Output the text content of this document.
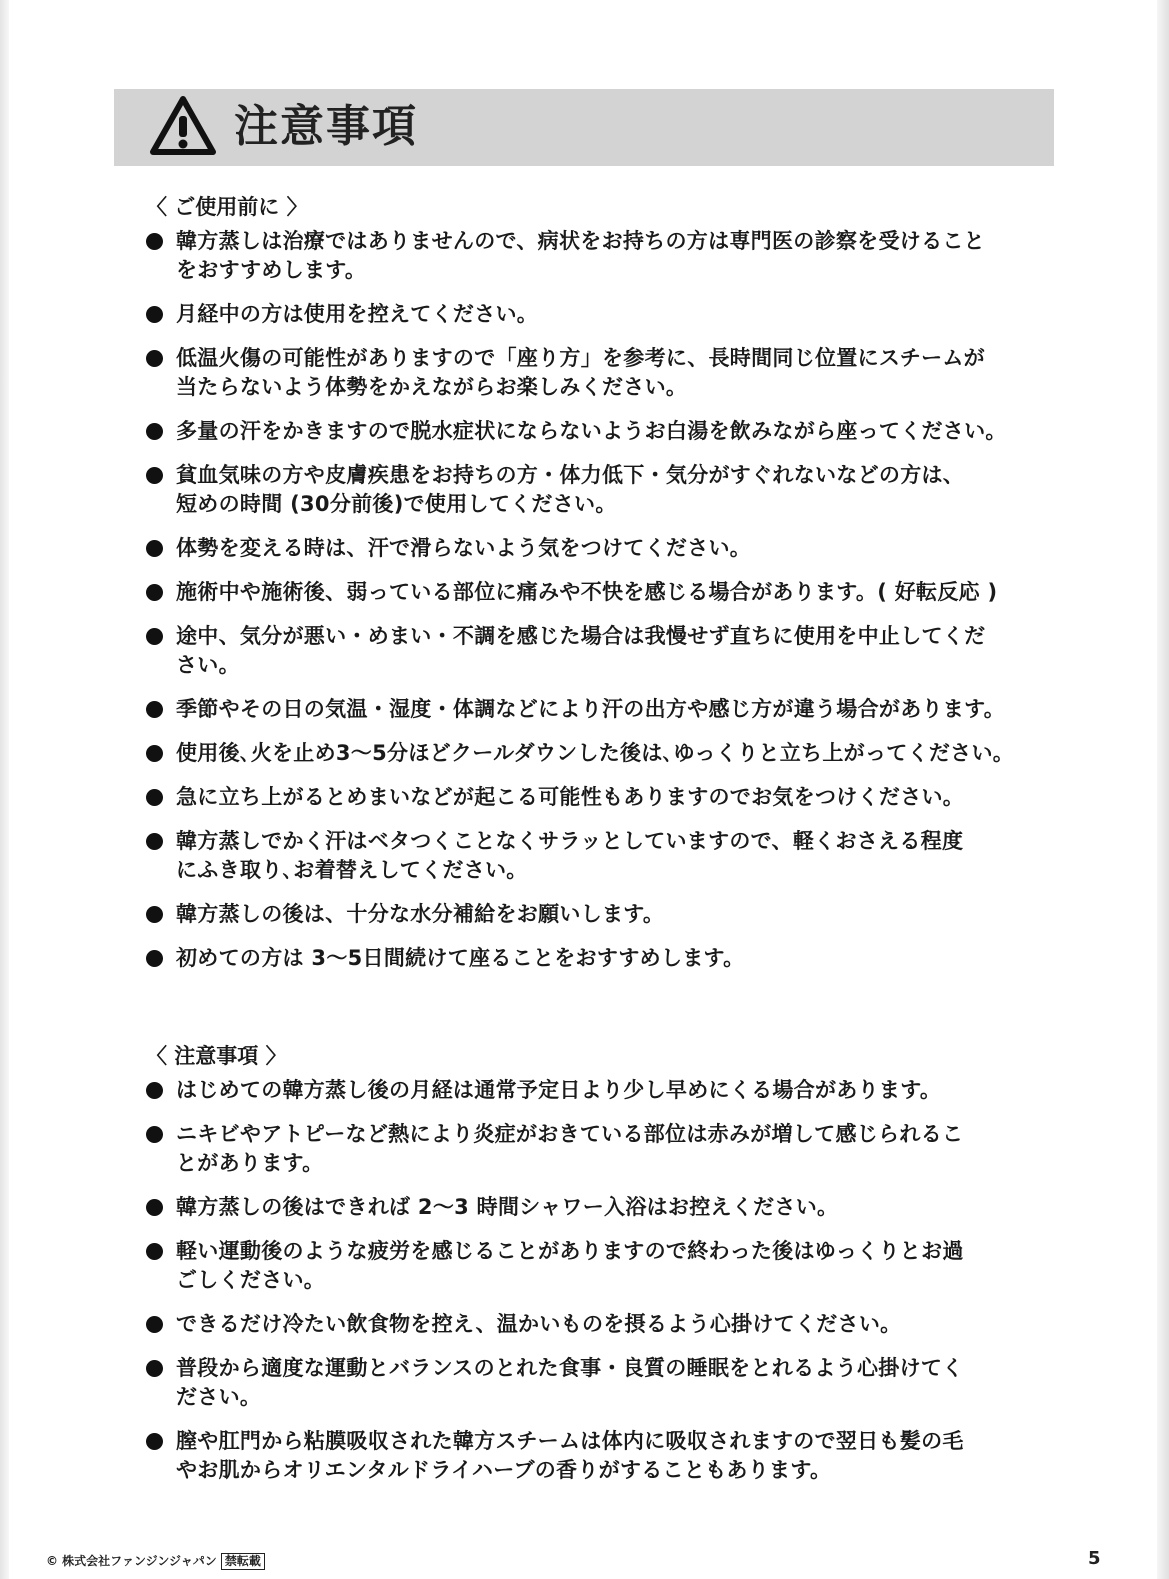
注意事項
〈 ご使用前に 〉
韓方蒸しは治療ではありませんので、病状をお持ちの方は専門医の診察を受けること
をおすすめします。
月経中の方は使用を控えてください。
低温火傷の可能性がありますので「座り方」を参考に、長時間同じ位置にスチームが
当たらないよう体勢をかえながらお楽しみください。
多量の汗をかきますので脱水症状にならないようお白湯を飲みながら座ってください。
貧血気味の方や皮膚疾患をお持ちの方・体力低下・気分がすぐれないなどの方は、
短めの時間 (30分前後)で使用してください。
体勢を変える時は、汗で滑らないよう気をつけてください。
施術中や施術後、弱っている部位に痛みや不快を感じる場合があります。( 好転反応 )
途中、気分が悪い・めまい・不調を感じた場合は我慢せず直ちに使用を中止してくだ
さい。
季節やその日の気温・湿度・体調などにより汗の出方や感じ方が違う場合があります。
使用後､火を止め3～5分ほどクールダウンした後は､ゆっくりと立ち上がってください。
急に立ち上がるとめまいなどが起こる可能性もありますのでお気をつけください。
韓方蒸しでかく汗はベタつくことなくサラッとしていますので、軽くおさえる程度
にふき取り､お着替えしてください。
韓方蒸しの後は、十分な水分補給をお願いします。
初めての方は 3～5日間続けて座ることをおすすめします。
〈 注意事項 〉
はじめての韓方蒸し後の月経は通常予定日より少し早めにくる場合があります。
ニキビやアトピーなど熱により炎症がおきている部位は赤みが増して感じられるこ
とがあります。
韓方蒸しの後はできれば 2～3 時間シャワー入浴はお控えください。
軽い運動後のような疲労を感じることがありますので終わった後はゆっくりとお過
ごしください。
できるだけ冷たい飲食物を控え、温かいものを摂るよう心掛けてください。
普段から適度な運動とバランスのとれた食事・良質の睡眠をとれるよう心掛けてく
ださい。
膣や肛門から粘膜吸収された韓方スチームは体内に吸収されますので翌日も髪の毛
やお肌からオリエンタルドライハーブの香りがすることもあります。
© 株式会社ファンジンジャパン 禁転載	5
